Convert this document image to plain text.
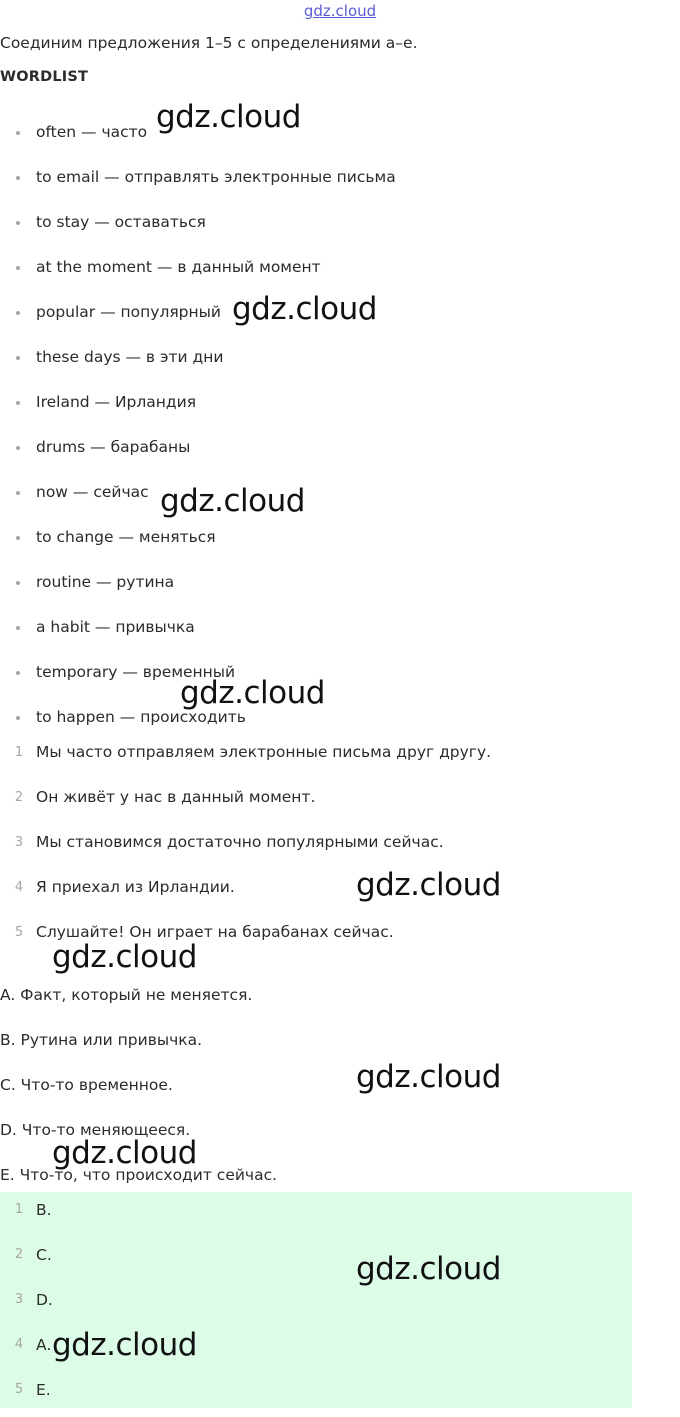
gdz.cloud
Соединим предложения 1–5 с определениями a–e.
WORDLIST
often — часто
to email — отправлять электронные письма
to stay — оставаться
at the moment — в данный момент
popular — популярный
these days — в эти дни
Ireland — Ирландия
drums — барабаны
now — сейчас
to change — меняться
routine — рутина
a habit — привычка
temporary — временный
to happen — происходить
1 Мы часто отправляем электронные письма друг другу.
2 Он живёт у нас в данный момент.
3 Мы становимся достаточно популярными сейчас.
4 Я приехал из Ирландии.
5 Слушайте! Он играет на барабанах сейчас.
A. Факт, который не меняется.
B. Рутина или привычка.
C. Что-то временное.
D. Что-то меняющееся.
E. Что-то, что происходит сейчас.
1 B.
2 C.
3 D.
4 A.
5 E.
gdz.cloud
gdz.cloud
gdz.cloud
gdz.cloud
gdz.cloud
gdz.cloud
gdz.cloud
gdz.cloud
gdz.cloud
gdz.cloud
